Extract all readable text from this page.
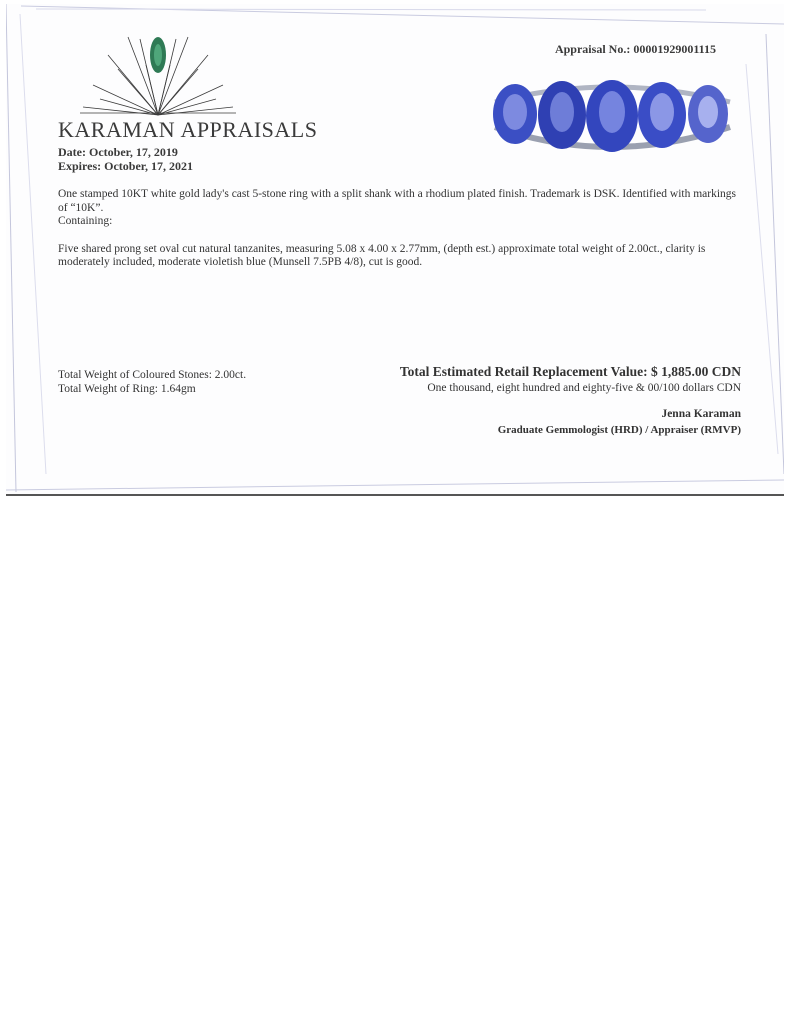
KARAMAN APPRAISALS
Date: October, 17, 2019
Expires: October, 17, 2021
Appraisal No.: 00001929001115

One stamped 10KT white gold lady's cast 5-stone ring with a split shank with a rhodium plated finish. Trademark is DSK. Identified with markings of “10K”.

Containing:

Five shared prong set oval cut natural tanzanites, measuring 5.08 x 4.00 x 2.77mm, (depth est.) approximate total weight of 2.00ct., clarity is moderately included, moderate violetish blue (Munsell 7.5PB 4/8), cut is good.

Total Weight of Coloured Stones: 2.00ct.
Total Weight of Ring: 1.64gm
Total Estimated Retail Replacement Value: $ 1,885.00 CDN
One thousand, eight hundred and eighty-five & 00/100 dollars CDN
Jenna Karaman
Graduate Gemmologist (HRD) / Appraiser (RMVP)
